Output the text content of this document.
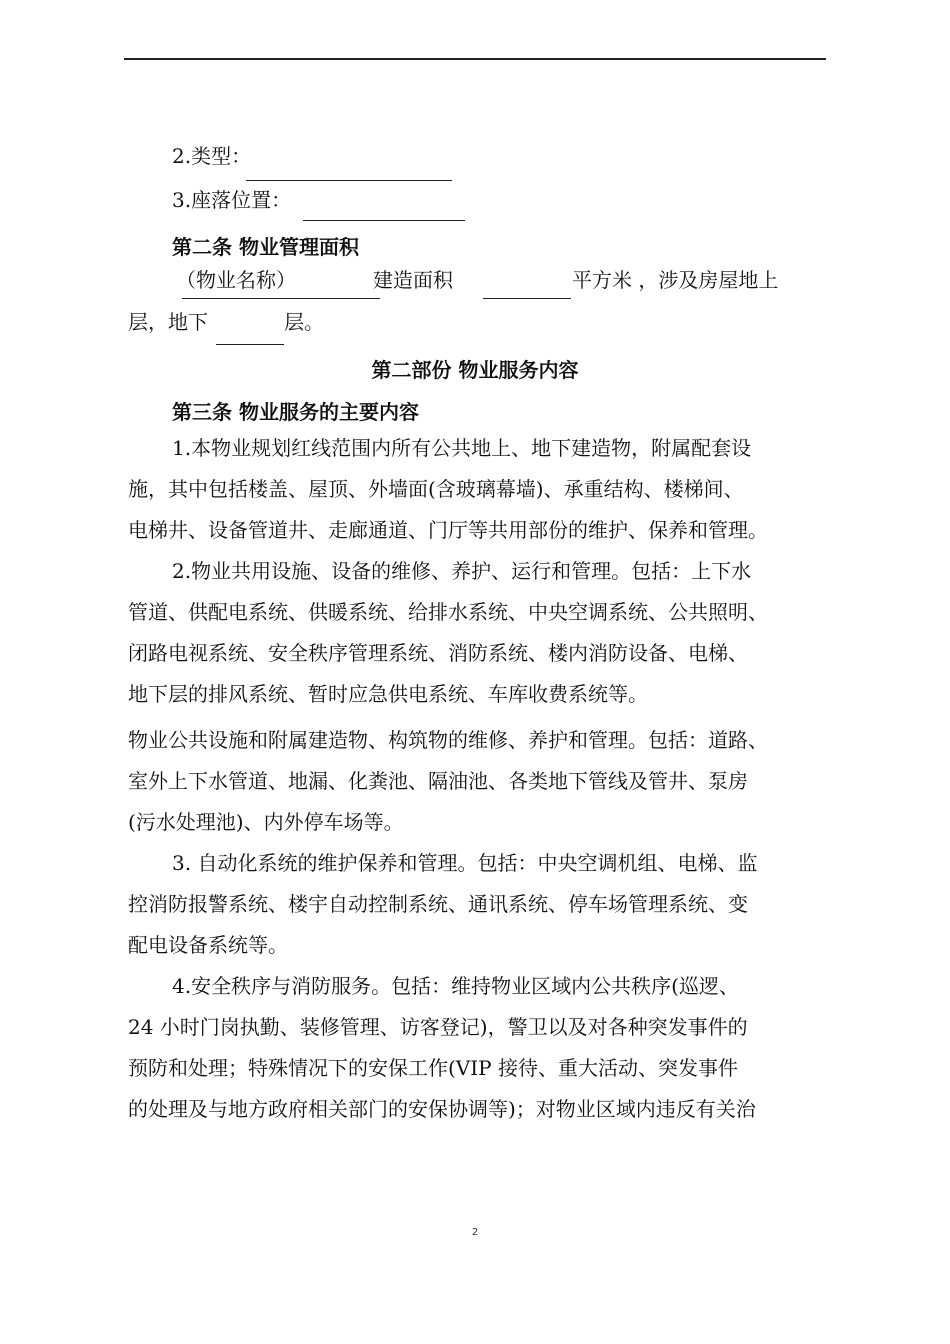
2.类型：
3.座落位置：
第二条 物业管理面积
（物业名称）	建造面积	平方米 ，涉及房屋地上
层，地下	层。
第二部份 物业服务内容
第三条 物业服务的主要内容
1.本物业规划红线范围内所有公共地上、地下建造物，附属配套设
施，其中包括楼盖、屋顶、外墙面(含玻璃幕墙)、承重结构、楼梯间、
电梯井、设备管道井、走廊通道、门厅等共用部份的维护、保养和管理。
2.物业共用设施、设备的维修、养护、运行和管理。包括：上下水
管道、供配电系统、供暖系统、给排水系统、中央空调系统、公共照明、
闭路电视系统、安全秩序管理系统、消防系统、楼内消防设备、电梯、
地下层的排风系统、暂时应急供电系统、车库收费系统等。
物业公共设施和附属建造物、构筑物的维修、养护和管理。包括：道路、
室外上下水管道、地漏、化粪池、隔油池、各类地下管线及管井、泵房
(污水处理池)、内外停车场等。
3. 自动化系统的维护保养和管理。包括：中央空调机组、电梯、监
控消防报警系统、楼宇自动控制系统、通讯系统、停车场管理系统、变
配电设备系统等。
4.安全秩序与消防服务。包括：维持物业区域内公共秩序(巡逻、
24 小时门岗执勤、装修管理、访客登记)，警卫以及对各种突发事件的
预防和处理；特殊情况下的安保工作(VIP 接待、重大活动、突发事件
的处理及与地方政府相关部门的安保协调等)；对物业区域内违反有关治
2
